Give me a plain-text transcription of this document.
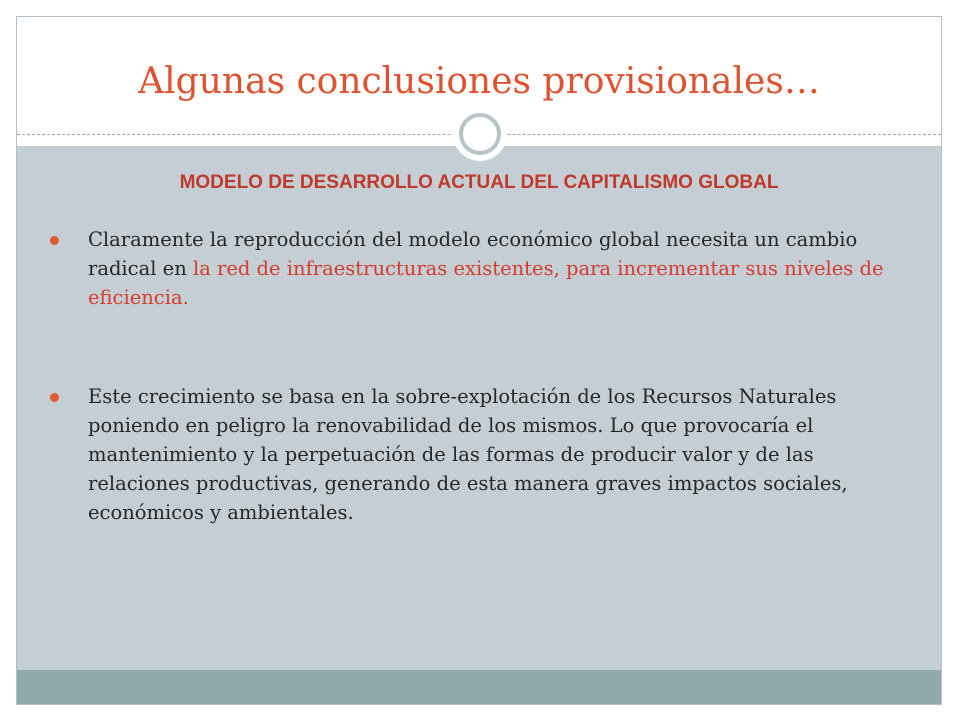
Algunas conclusiones provisionales…
MODELO DE DESARROLLO ACTUAL DEL CAPITALISMO GLOBAL
Claramente la reproducción del modelo económico global necesita un cambio radical en la red de infraestructuras existentes, para incrementar sus niveles de eficiencia.
Este crecimiento se basa en la sobre-explotación de los Recursos Naturales poniendo en peligro la renovabilidad de los mismos. Lo que provocaría el mantenimiento y la perpetuación de las formas de producir valor y de las relaciones productivas, generando de esta manera graves impactos sociales, económicos y ambientales.
